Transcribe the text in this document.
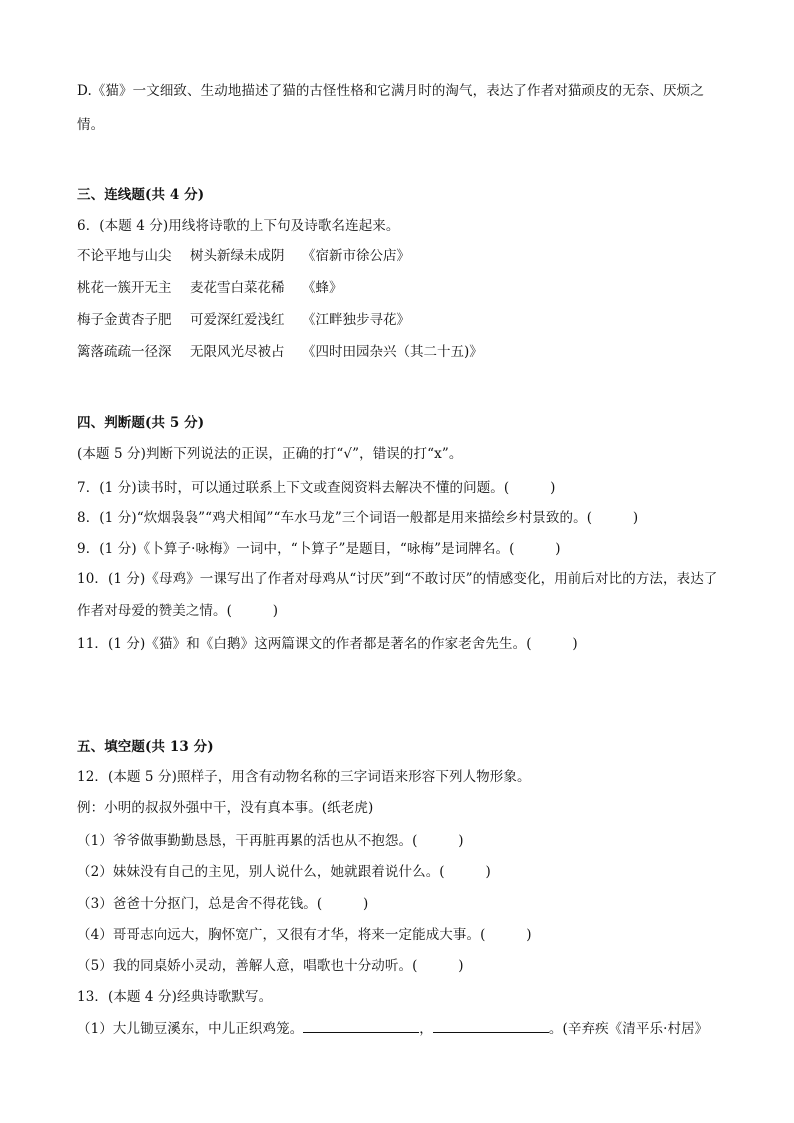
D.《猫》一文细致、生动地描述了猫的古怪性格和它满月时的淘气，表达了作者对猫顽皮的无奈、厌烦之
情。
三、连线题(共 4 分)
6．(本题 4 分)用线将诗歌的上下句及诗歌名连起来。
不论平地与山尖	树头新绿未成阴	《宿新市徐公店》
桃花一簇开无主	麦花雪白菜花稀	《蜂》
梅子金黄杏子肥	可爱深红爱浅红	《江畔独步寻花》
篱落疏疏一径深	无限风光尽被占	《四时田园杂兴（其二十五)》
四、判断题(共 5 分)
(本题 5 分)判断下列说法的正误，正确的打“√”，错误的打“x”。
7．(1 分)读书时，可以通过联系上下文或查阅资料去解决不懂的问题。(　　　)
8．(1 分)“炊烟袅袅”“鸡犬相闻”“车水马龙”三个词语一般都是用来描绘乡村景致的。(　　　)
9．(1 分)《卜算子·咏梅》一词中，“卜算子”是题目，“咏梅”是词牌名。(　　　)
10．(1 分)《母鸡》一课写出了作者对母鸡从“讨厌”到“不敢讨厌”的情感变化，用前后对比的方法，表达了
作者对母爱的赞美之情。(　　　)
11．(1 分)《猫》和《白鹅》这两篇课文的作者都是著名的作家老舍先生。(　　　)
五、填空题(共 13 分)
12．(本题 5 分)照样子，用含有动物名称的三字词语来形容下列人物形象。
例：小明的叔叔外强中干，没有真本事。(纸老虎)
（1）爷爷做事勤勤恳恳，干再脏再累的活也从不抱怨。(　　　)
（2）妹妹没有自己的主见，别人说什么，她就跟着说什么。(　　　)
（3）爸爸十分抠门，总是舍不得花钱。(　　　)
（4）哥哥志向远大，胸怀宽广，又很有才华，将来一定能成大事。(　　　)
（5）我的同桌娇小灵动，善解人意，唱歌也十分动听。(　　　)
13．(本题 4 分)经典诗歌默写。
（1）大儿锄豆溪东，中儿正织鸡笼。	，	。(辛弃疾《清平乐·村居》
